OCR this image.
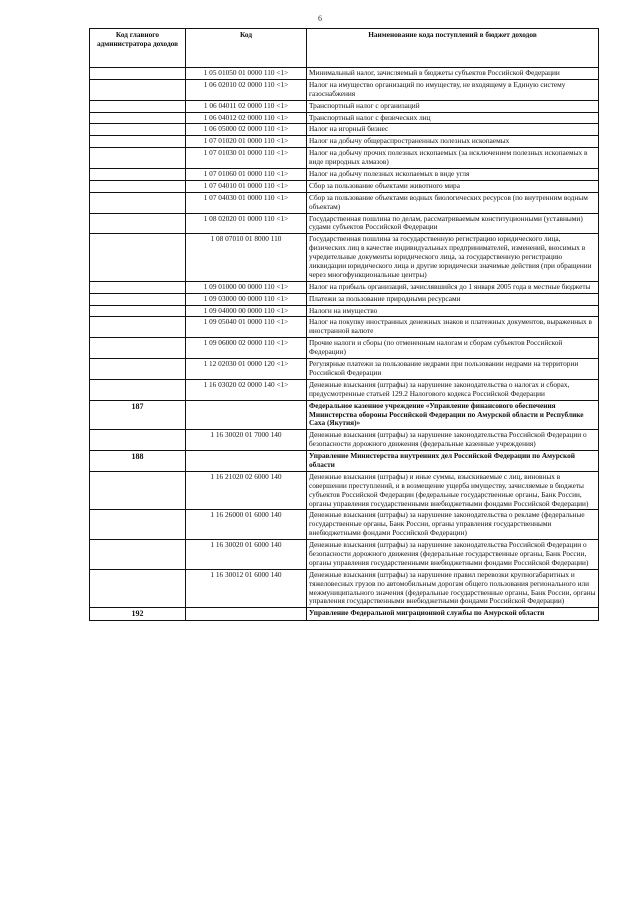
6
Код главного администратора доходов	Код	Наименование кода поступлений в бюджет доходов
	1 05 01050 01 0000 110 <1>	Минимальный налог, зачисляемый в бюджеты субъектов Российской Федерации
	1 06 02010 02 0000 110 <1>	Налог на имущество организаций по имуществу, не входящему в Единую систему газоснабжения
	1 06 04011 02 0000 110 <1>	Транспортный налог с организаций
	1 06 04012 02 0000 110 <1>	Транспортный налог с физических лиц
	1 06 05000 02 0000 110 <1>	Налог на игорный бизнес
	1 07 01020 01 0000 110 <1>	Налог на добычу общераспространенных полезных ископаемых
	1 07 01030 01 0000 110 <1>	Налог на добычу прочих полезных ископаемых (за исключением полезных ископаемых в виде природных алмазов)
	1 07 01060 01 0000 110 <1>	Налог на добычу полезных ископаемых в виде угля
	1 07 04010 01 0000 110 <1>	Сбор за пользование объектами животного мира
	1 07 04030 01 0000 110 <1>	Сбор за пользование объектами водных биологических ресурсов (по внутренним водным объектам)
	1 08 02020 01 0000 110 <1>	Государственная пошлина по делам, рассматриваемым конституционными (уставными) судами субъектов Российской Федерации
	1 08 07010 01 8000 110	Государственная пошлина за государственную регистрацию юридического лица, физических лиц в качестве индивидуальных предпринимателей, изменений, вносимых в учредительные документы юридического лица, за государственную регистрацию ликвидации юридического лица и другие юридически значимые действия (при обращении через многофункциональные центры)
	1 09 01000 00 0000 110 <1>	Налог на прибыль организаций, зачислявшийся до 1 января 2005 года в местные бюджеты
	1 09 03000 00 0000 110 <1>	Платежи за пользование природными ресурсами
	1 09 04000 00 0000 110 <1>	Налоги на имущество
	1 09 05040 01 0000 110 <1>	Налог на покупку иностранных денежных знаков и платежных документов, выраженных в иностранной валюте
	1 09 06000 02 0000 110 <1>	Прочие налоги и сборы (по отмененным налогам и сборам субъектов Российской Федерации)
	1 12 02030 01 0000 120 <1>	Регулярные платежи за пользование недрами при пользовании недрами на территории Российской Федерации
	1 16 03020 02 0000 140 <1>	Денежные взыскания (штрафы) за нарушение законодательства о налогах и сборах, предусмотренные статьей 129.2 Налогового кодекса Российской Федерации
187		Федеральное казенное учреждение «Управление финансового обеспечения Министерства обороны Российской Федерации по Амурской области и Республике Саха (Якутия)»
	1 16 30020 01 7000 140	Денежные взыскания (штрафы) за нарушение законодательства Российской Федерации о безопасности дорожного движения (федеральные казенные учреждения)
188		Управление Министерства внутренних дел Российской Федерации по Амурской области
	1 16 21020 02 6000 140	Денежные взыскания (штрафы) и иные суммы, взыскиваемые с лиц, виновных в совершении преступлений, и в возмещение ущерба имуществу, зачисляемые в бюджеты субъектов Российской Федерации (федеральные государственные органы, Банк России, органы управления государственными внебюджетными фондами Российской Федерации)
	1 16 26000 01 6000 140	Денежные взыскания (штрафы) за нарушение законодательства о рекламе (федеральные государственные органы, Банк России, органы управления государственными внебюджетными фондами Российской Федерации)
	1 16 30020 01 6000 140	Денежные взыскания (штрафы) за нарушение законодательства Российской Федерации о безопасности дорожного движения (федеральные государственные органы, Банк России, органы управления государственными внебюджетными фондами Российской Федерации)
	1 16 30012 01 6000 140	Денежные взыскания (штрафы) за нарушение правил перевозки крупногабаритных и тяжеловесных грузов по автомобильным дорогам общего пользования регионального или межмуниципального значения (федеральные государственные органы, Банк России, органы управления государственными внебюджетными фондами Российской Федерации)
192		Управление Федеральной миграционной службы по Амурской области
